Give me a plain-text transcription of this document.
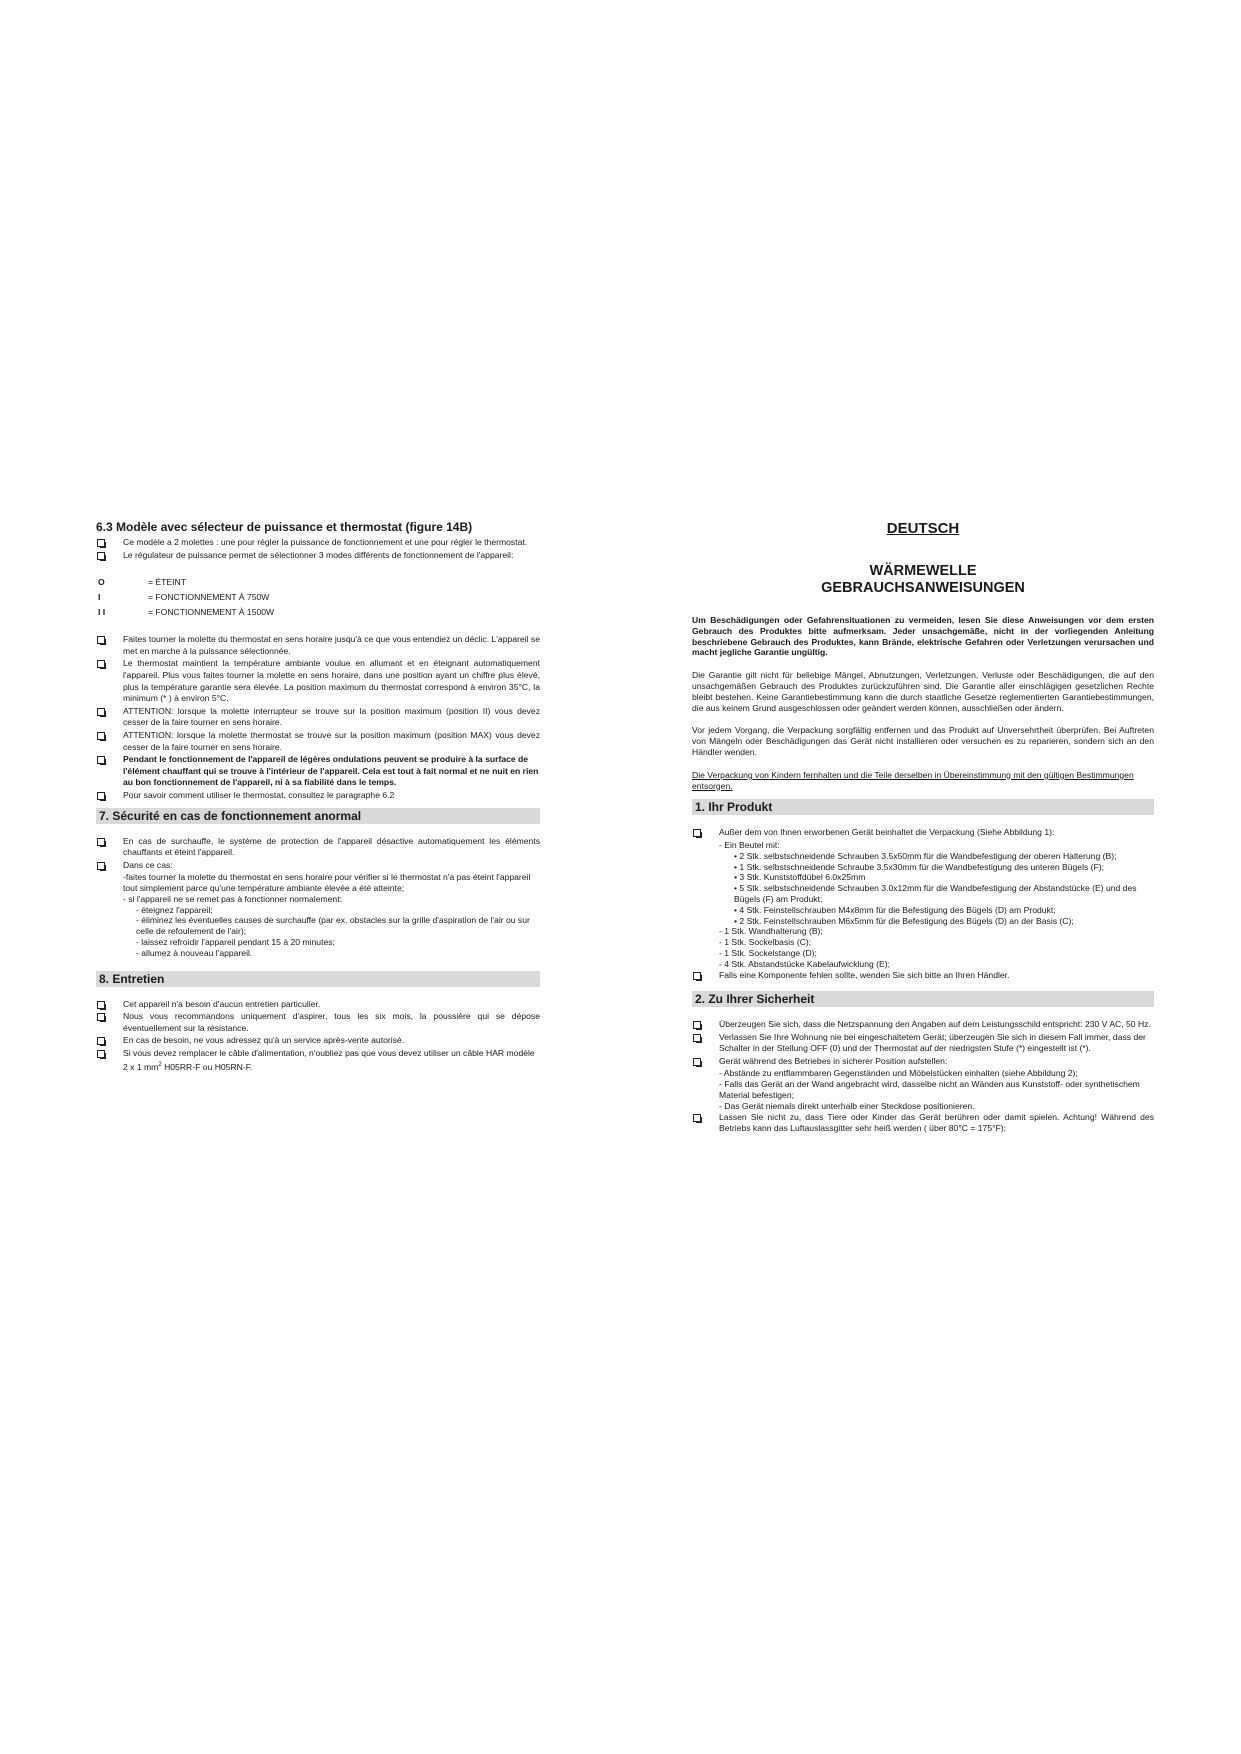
6.3 Modèle avec sélecteur de puissance et thermostat (figure 14B)
Ce modèle a 2 molettes : une pour régler la puissance de fonctionnement et une pour régler le thermostat.
Le régulateur de puissance permet de sélectionner 3 modes différents de fonctionnement de l'appareil:
O	= ÉTEINT
I	= FONCTIONNEMENT À 750W
I I	= FONCTIONNEMENT À 1500W
Faites tourner la molette du thermostat en sens horaire jusqu'à ce que vous entendiez un déclic. L'appareil se met en marche à la puissance sélectionnée.
Le thermostat maintient la température ambiante voulue en allumant et en éteignant automatiquement l'appareil. Plus vous faites tourner la molette en sens horaire, dans une position ayant un chiffre plus élevé, plus la température garantie sera élevée. La position maximum du thermostat correspond à environ 35°C, la minimum (* ) à environ 5°C.
ATTENTION: lorsque la molette interrupteur se trouve sur la position maximum (position II) vous devez cesser de la faire tourner en sens horaire.
ATTENTION: lorsque la molette thermostat se trouve sur la position maximum (position MAX) vous devez cesser de la faire tourner en sens horaire.
Pendant le fonctionnement de l'appareil de légères ondulations peuvent se produire à la surface de l'élément chauffant qui se trouve à l'intérieur de l'appareil. Cela est tout à fait normal et ne nuit en rien au bon fonctionnement de l'appareil, ni à sa fiabilité dans le temps.
Pour savoir comment utiliser le thermostat, consultez le paragraphe 6.2
7. Sécurité en cas de fonctionnement anormal
En cas de surchauffe, le système de protection de l'appareil désactive automatiquement les éléments chauffants et éteint l'appareil.
Dans ce cas:
-faites tourner la molette du thermostat en sens horaire pour vérifier si le thermostat n'a pas éteint l'appareil tout simplement parce qu'une température ambiante élevée a été atteinte;
- si l'appareil ne se remet pas à fonctionner normalement:
- éteignez l'appareil;
- éliminez les éventuelles causes de surchauffe (par ex. obstacles sur la grille d'aspiration de l'air ou sur celle de refoulement de l'air);
- laissez refroidir l'appareil pendant 15 à 20 minutes;
- allumez à nouveau l'appareil.
8. Entretien
Cet appareil n'a besoin d'aucun entretien particulier.
Nous vous recommandons uniquement d'aspirer, tous les six mois, la poussière qui se dépose éventuellement sur la résistance.
En cas de besoin, ne vous adressez qu'à un service après-vente autorisé.
Si vous devez remplacer le câble d'alimentation, n'oubliez pas que vous devez utiliser un câble HAR modèle 2 x 1 $mm^2$ H05RR-F ou H05RN-F.
DEUTSCH
WÄRMEWELLE
GEBRAUCHSANWEISUNGEN
Um Beschädigungen oder Gefahrensituationen zu vermeiden, lesen Sie diese Anweisungen vor dem ersten Gebrauch des Produktes bitte aufmerksam. Jeder unsachgemäße, nicht in der vorliegenden Anleitung beschriebene Gebrauch des Produktes, kann Brände, elektrische Gefahren oder Verletzungen verursachen und macht jegliche Garantie ungültig.
Die Garantie gilt nicht für beliebige Mängel, Abnutzungen, Verletzungen, Verluste oder Beschädigungen, die auf den unsachgemäßen Gebrauch des Produktes zurückzuführen sind. Die Garantie aller einschlägigen gesetzlichen Rechte bleibt bestehen. Keine Garantiebestimmung kann die durch staatliche Gesetze reglementierten Garantiebestimmungen, die aus keinem Grund ausgeschlossen oder geändert werden können, ausschließen oder ändern.
Vor jedem Vorgang, die Verpackung sorgfältig entfernen und das Produkt auf Unversehrtheit überprüfen. Bei Auftreten von Mängeln oder Beschädigungen das Gerät nicht installieren oder versuchen es zu reparieren, sondern sich an den Händler wenden.
Die Verpackung von Kindern fernhalten und die Teile derselben in Übereinstimmung mit den gültigen Bestimmungen entsorgen.
1. Ihr Produkt
Außer dem von Ihnen erworbenen Gerät beinhaltet die Verpackung (Siehe Abbildung 1):
- Ein Beutel mit:
• 2 Stk. selbstschneidende Schrauben 3.5x50mm für die Wandbefestigung der oberen Halterung (B);
• 1 Stk. selbstschneidende Schraube 3.5x30mm für die Wandbefestigung des unteren Bügels (F);
• 3 Stk. Kunststoffdübel 6.0x25mm
• 5 Stk. selbstschneidende Schrauben 3.0x12mm für die Wandbefestigung der Abstandstücke (E) und des Bügels (F) am Produkt;
• 4 Stk. Feinstellschrauben M4x8mm für die Befestigung des Bügels (D) am Produkt;
• 2 Stk. Feinstellschrauben M6x5mm für die Befestigung des Bügels (D) an der Basis (C);
- 1 Stk. Wandhalterung (B);
- 1 Stk. Sockelbasis (C);
- 1 Stk. Sockelstange (D);
- 4 Stk. Abstandstücke Kabelaufwicklung (E);
Falls eine Komponente fehlen sollte, wenden Sie sich bitte an Ihren Händler.
2. Zu Ihrer Sicherheit
Überzeugen Sie sich, dass die Netzspannung den Angaben auf dem Leistungsschild entspricht: 230 V AC, 50 Hz.
Verlassen Sie Ihre Wohnung nie bei eingeschaltetem Gerät; überzeugen Sie sich in diesem Fall immer, dass der Schalter in der Stellung OFF (0) und der Thermostat auf der niedrigsten Stufe (*) eingestellt ist (*).
Gerät während des Betriebes in sicherer Position aufstellen:
- Abstände zu entflammbaren Gegenständen und Möbelstücken einhalten (siehe Abbildung 2);
- Falls das Gerät an der Wand angebracht wird, dasselbe nicht an Wänden aus Kunststoff- oder synthetischem Material befestigen;
- Das Gerät niemals direkt unterhalb einer Steckdose positionieren.
Lassen Sie nicht zu, dass Tiere oder Kinder das Gerät berühren oder damit spielen. Achtung! Während des Betriebs kann das Luftauslassgitter sehr heiß werden ( über 80°C = 175°F);
